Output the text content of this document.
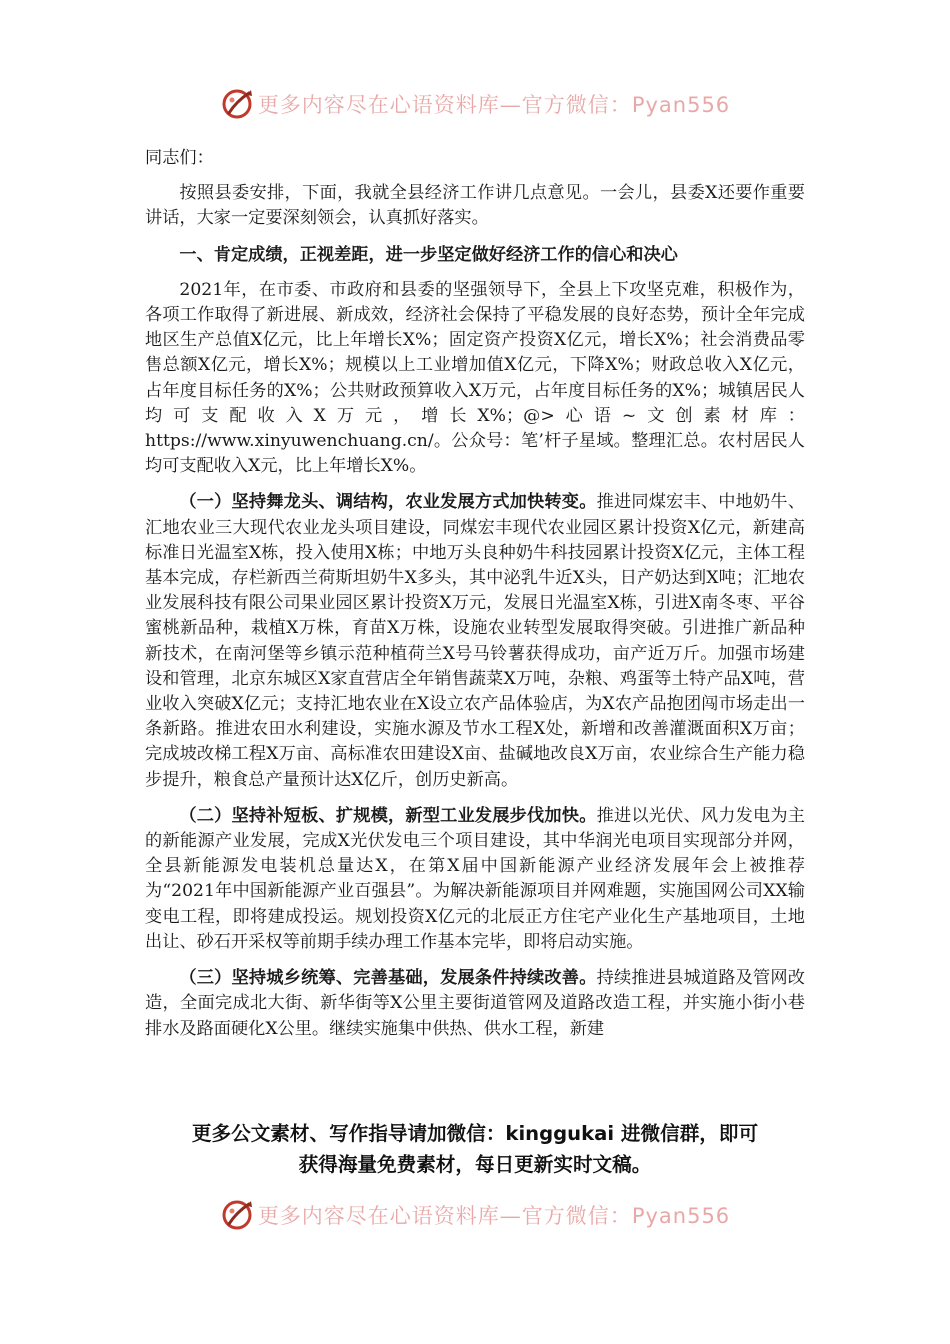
更多内容尽在心语资料库—官方微信：Pyan556

同志们：

按照县委安排，下面，我就全县经济工作讲几点意见。一会儿，县委X还要作重要讲话，大家一定要深刻领会，认真抓好落实。

一、肯定成绩，正视差距，进一步坚定做好经济工作的信心和决心

2021年，在市委、市政府和县委的坚强领导下，全县上下攻坚克难，积极作为，各项工作取得了新进展、新成效，经济社会保持了平稳发展的良好态势，预计全年完成地区生产总值X亿元，比上年增长X%；固定资产投资X亿元，增长X%；社会消费品零售总额X亿元，增长X%；规模以上工业增加值X亿元，下降X%；财政总收入X亿元，占年度目标任务的X%；公共财政预算收入X万元，占年度目标任务的X%；城镇居民人均可支配收入X万元，增长X%；@>心语~文创素材库：https://www.xinyuwenchuang.cn/。公众号：笔’杆子星域。整理汇总。农村居民人均可支配收入X元，比上年增长X%。

（一）坚持舞龙头、调结构，农业发展方式加快转变。推进同煤宏丰、中地奶牛、汇地农业三大现代农业龙头项目建设，同煤宏丰现代农业园区累计投资X亿元，新建高标准日光温室X栋，投入使用X栋；中地万头良种奶牛科技园累计投资X亿元，主体工程基本完成，存栏新西兰荷斯坦奶牛X多头，其中泌乳牛近X头，日产奶达到X吨；汇地农业发展科技有限公司果业园区累计投资X万元，发展日光温室X栋，引进X南冬枣、平谷蜜桃新品种，栽植X万株，育苗X万株，设施农业转型发展取得突破。引进推广新品种新技术，在南河堡等乡镇示范种植荷兰X号马铃薯获得成功，亩产近万斤。加强市场建设和管理，北京东城区X家直营店全年销售蔬菜X万吨，杂粮、鸡蛋等土特产品X吨，营业收入突破X亿元；支持汇地农业在X设立农产品体验店，为X农产品抱团闯市场走出一条新路。推进农田水利建设，实施水源及节水工程X处，新增和改善灌溉面积X万亩；完成坡改梯工程X万亩、高标准农田建设X亩、盐碱地改良X万亩，农业综合生产能力稳步提升，粮食总产量预计达X亿斤，创历史新高。

（二）坚持补短板、扩规模，新型工业发展步伐加快。推进以光伏、风力发电为主的新能源产业发展，完成X光伏发电三个项目建设，其中华润光电项目实现部分并网，全县新能源发电装机总量达X，在第X届中国新能源产业经济发展年会上被推荐为“2021年中国新能源产业百强县”。为解决新能源项目并网难题，实施国网公司XX输变电工程，即将建成投运。规划投资X亿元的北辰正方住宅产业化生产基地项目，土地出让、砂石开采权等前期手续办理工作基本完毕，即将启动实施。

（三）坚持城乡统筹、完善基础，发展条件持续改善。持续推进县城道路及管网改造，全面完成北大街、新华街等X公里主要街道管网及道路改造工程，并实施小街小巷排水及路面硬化X公里。继续实施集中供热、供水工程，新建

更多公文素材、写作指导请加微信：kinggukai 进微信群，即可
获得海量免费素材，每日更新实时文稿。
更多内容尽在心语资料库—官方微信：Pyan556
